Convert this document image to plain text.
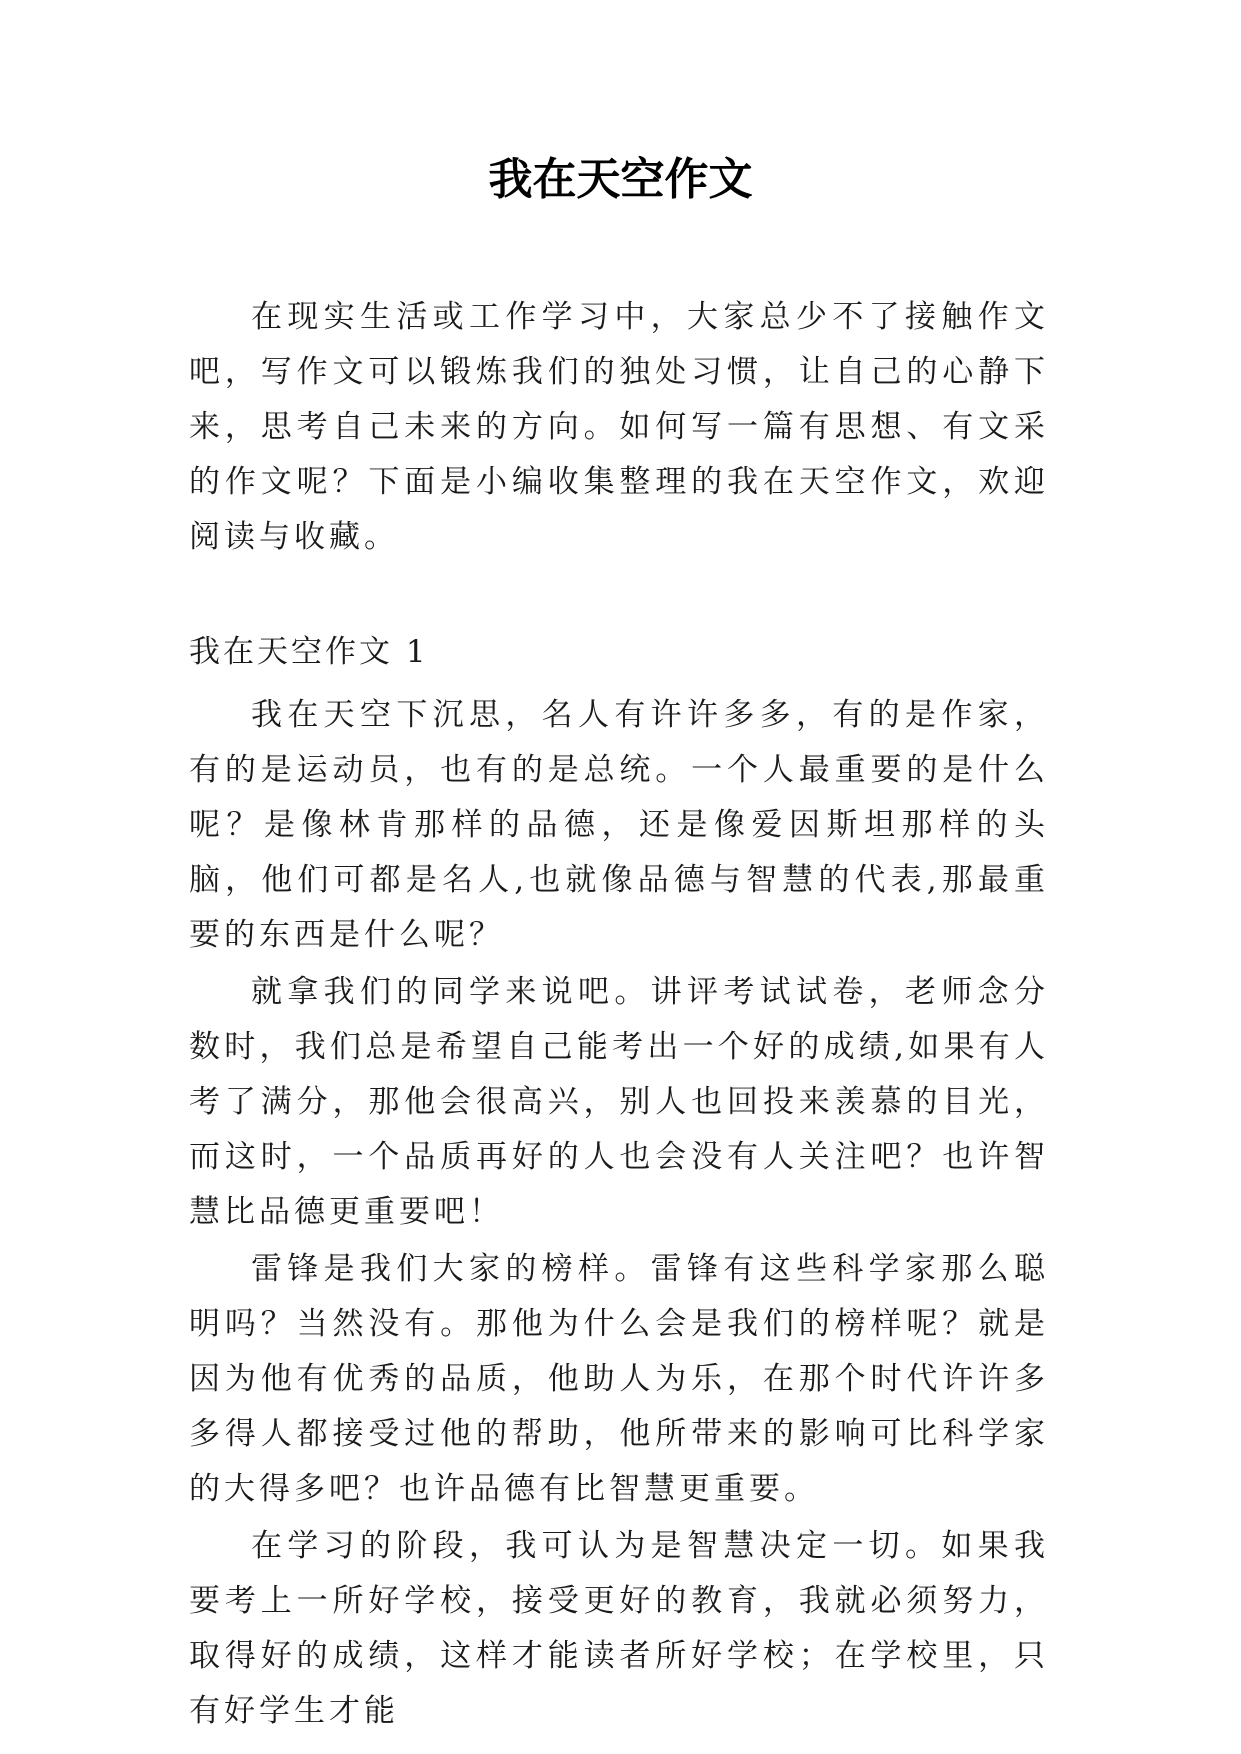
我在天空作文

在现实生活或工作学习中，大家总少不了接触作文吧，写作文可以锻炼我们的独处习惯，让自己的心静下来，思考自己未来的方向。如何写一篇有思想、有文采的作文呢？下面是小编收集整理的我在天空作文，欢迎阅读与收藏。

我在天空作文 1

我在天空下沉思，名人有许许多多，有的是作家，有的是运动员，也有的是总统。一个人最重要的是什么呢？是像林肯那样的品德，还是像爱因斯坦那样的头脑，他们可都是名人,也就像品德与智慧的代表,那最重要的东西是什么呢？

就拿我们的同学来说吧。讲评考试试卷，老师念分数时，我们总是希望自己能考出一个好的成绩,如果有人考了满分，那他会很高兴，别人也回投来羡慕的目光，而这时，一个品质再好的人也会没有人关注吧？也许智慧比品德更重要吧！

雷锋是我们大家的榜样。雷锋有这些科学家那么聪明吗？当然没有。那他为什么会是我们的榜样呢？就是因为他有优秀的品质，他助人为乐，在那个时代许许多多得人都接受过他的帮助，他所带来的影响可比科学家的大得多吧？也许品德有比智慧更重要。

在学习的阶段，我可认为是智慧决定一切。如果我要考上一所好学校，接受更好的教育，我就必须努力，取得好的成绩，这样才能读者所好学校；在学校里，只有好学生才能
